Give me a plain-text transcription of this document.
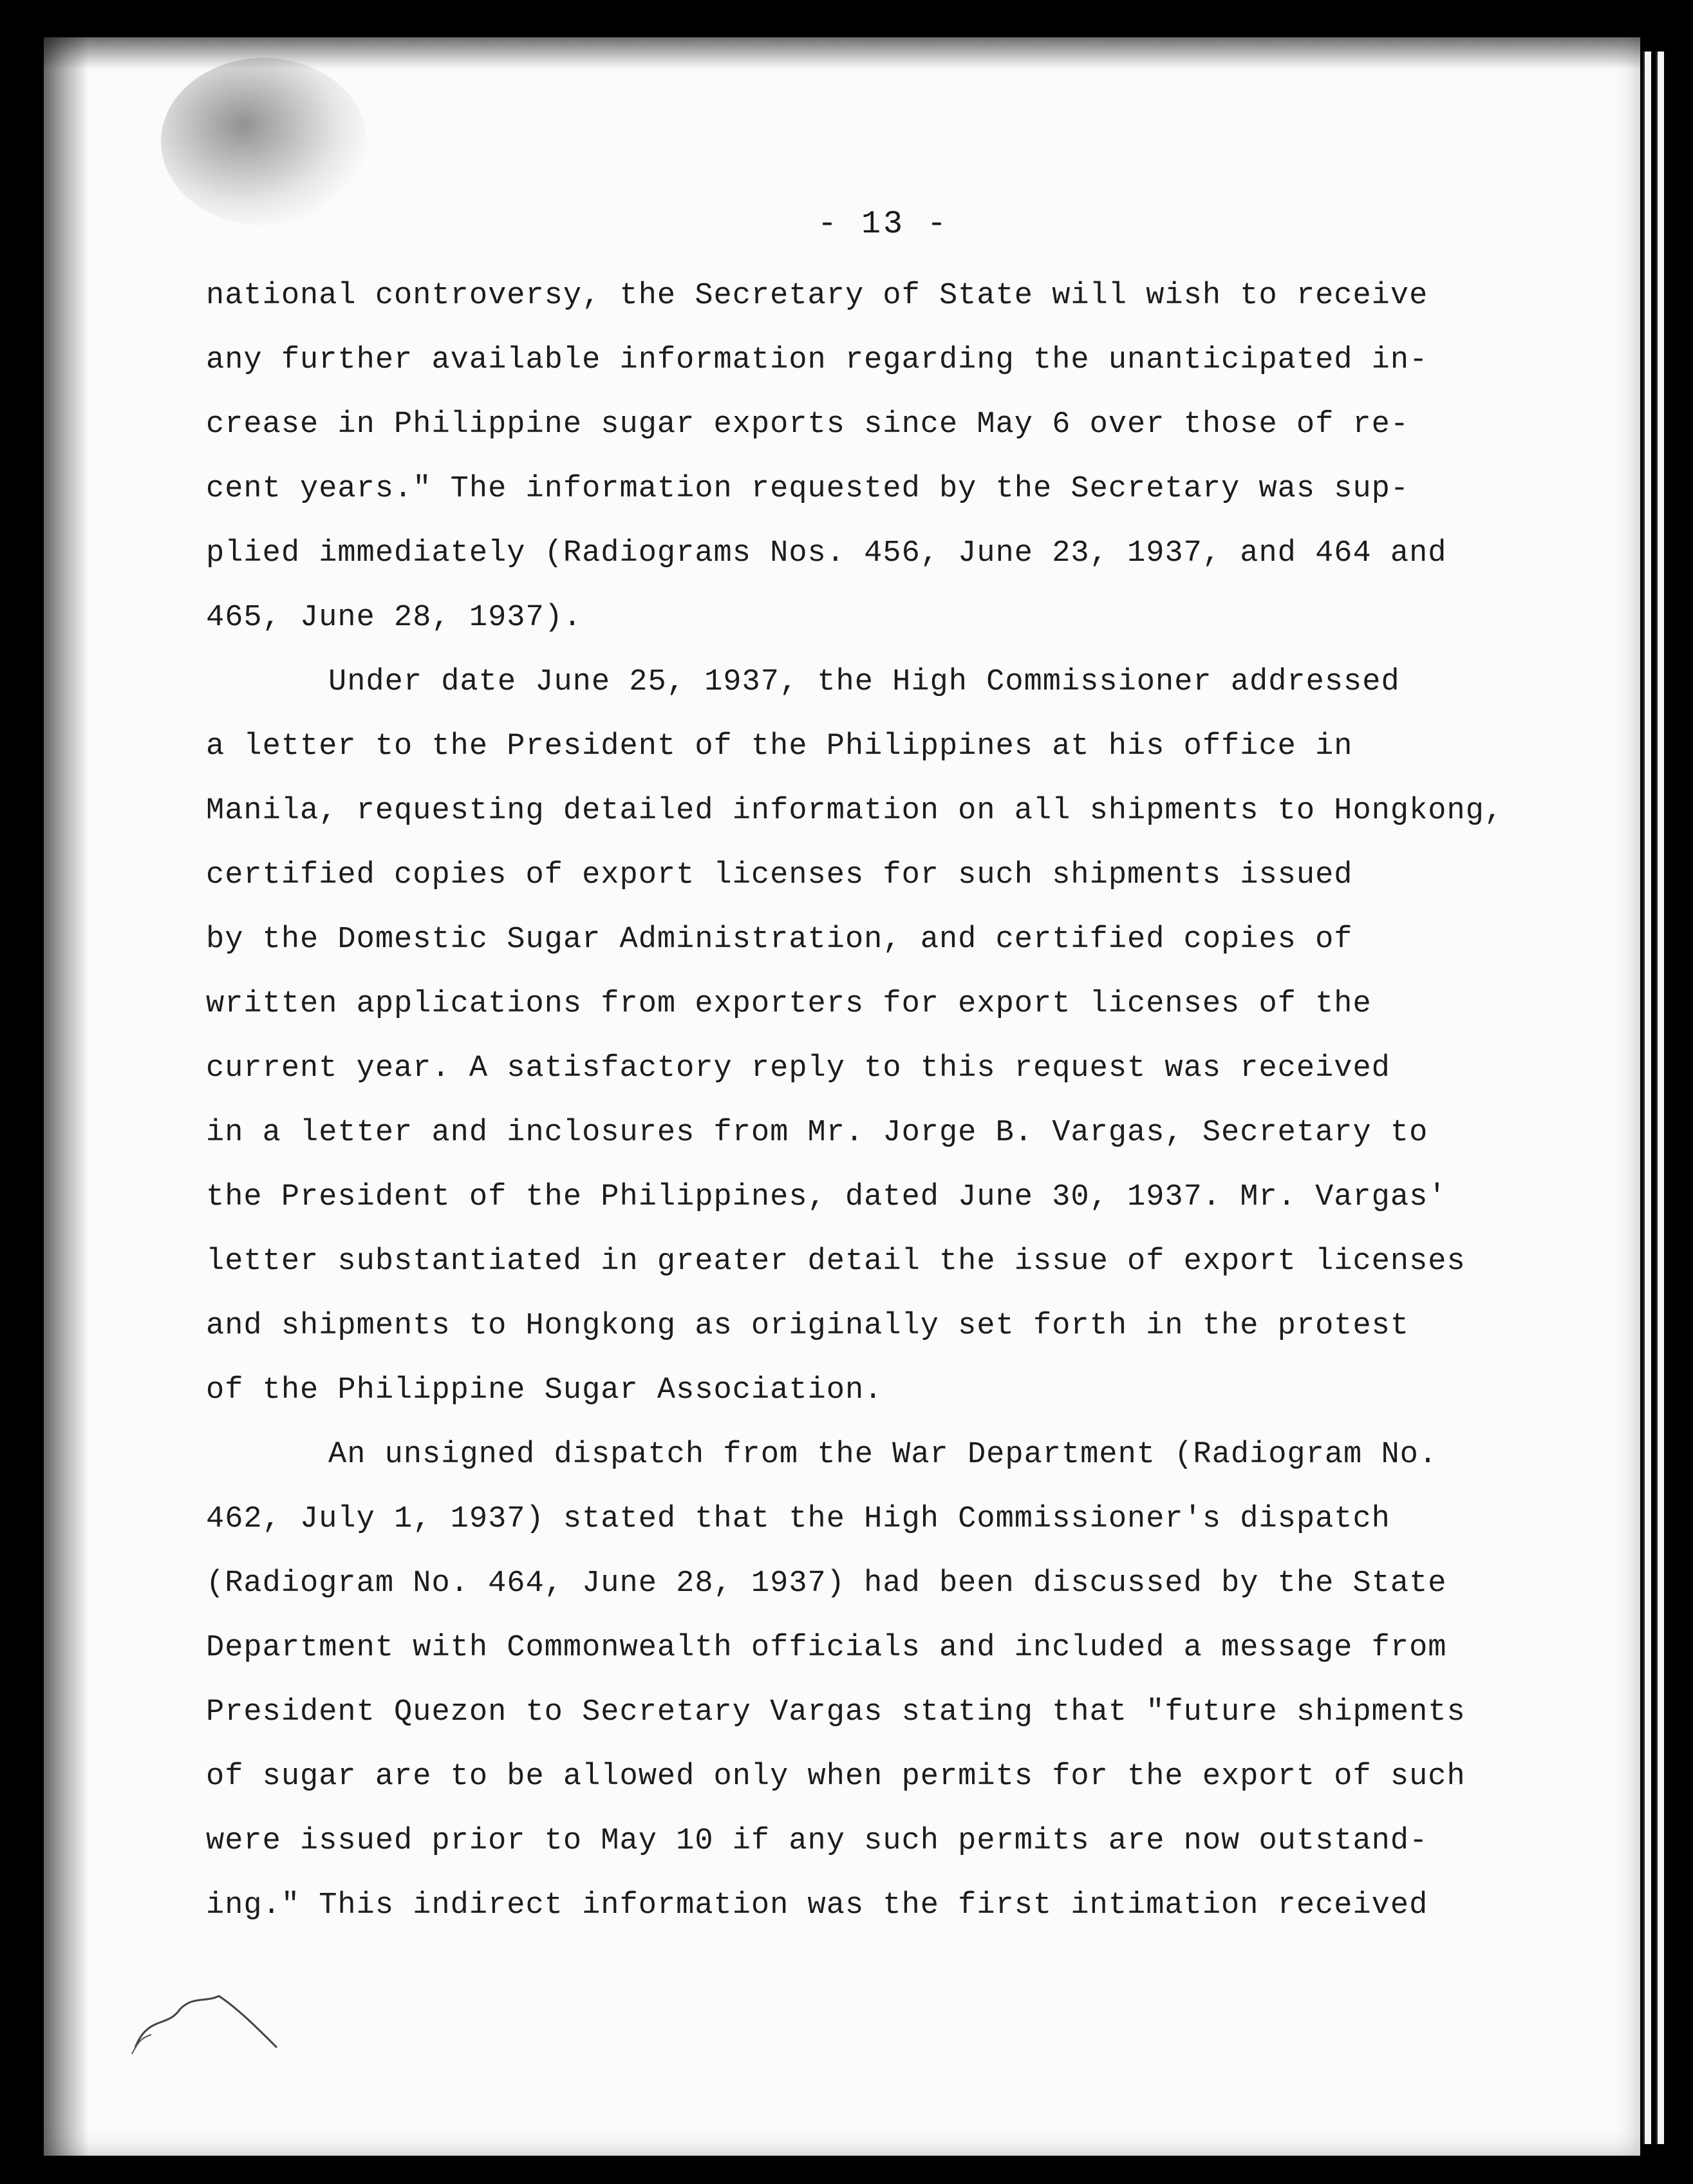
- 13 -
national controversy, the Secretary of State will wish to receive
any further available information regarding the unanticipated in-
crease in Philippine sugar exports since May 6 over those of re-
cent years." The information requested by the Secretary was sup-
plied immediately (Radiograms Nos. 456, June 23, 1937, and 464 and
465, June 28, 1937).
Under date June 25, 1937, the High Commissioner addressed
a letter to the President of the Philippines at his office in
Manila, requesting detailed information on all shipments to Hongkong,
certified copies of export licenses for such shipments issued
by the Domestic Sugar Administration, and certified copies of
written applications from exporters for export licenses of the
current year. A satisfactory reply to this request was received
in a letter and inclosures from Mr. Jorge B. Vargas, Secretary to
the President of the Philippines, dated June 30, 1937. Mr. Vargas'
letter substantiated in greater detail the issue of export licenses
and shipments to Hongkong as originally set forth in the protest
of the Philippine Sugar Association.
An unsigned dispatch from the War Department (Radiogram No.
462, July 1, 1937) stated that the High Commissioner's dispatch
(Radiogram No. 464, June 28, 1937) had been discussed by the State
Department with Commonwealth officials and included a message from
President Quezon to Secretary Vargas stating that "future shipments
of sugar are to be allowed only when permits for the export of such
were issued prior to May 10 if any such permits are now outstand-
ing." This indirect information was the first intimation received
